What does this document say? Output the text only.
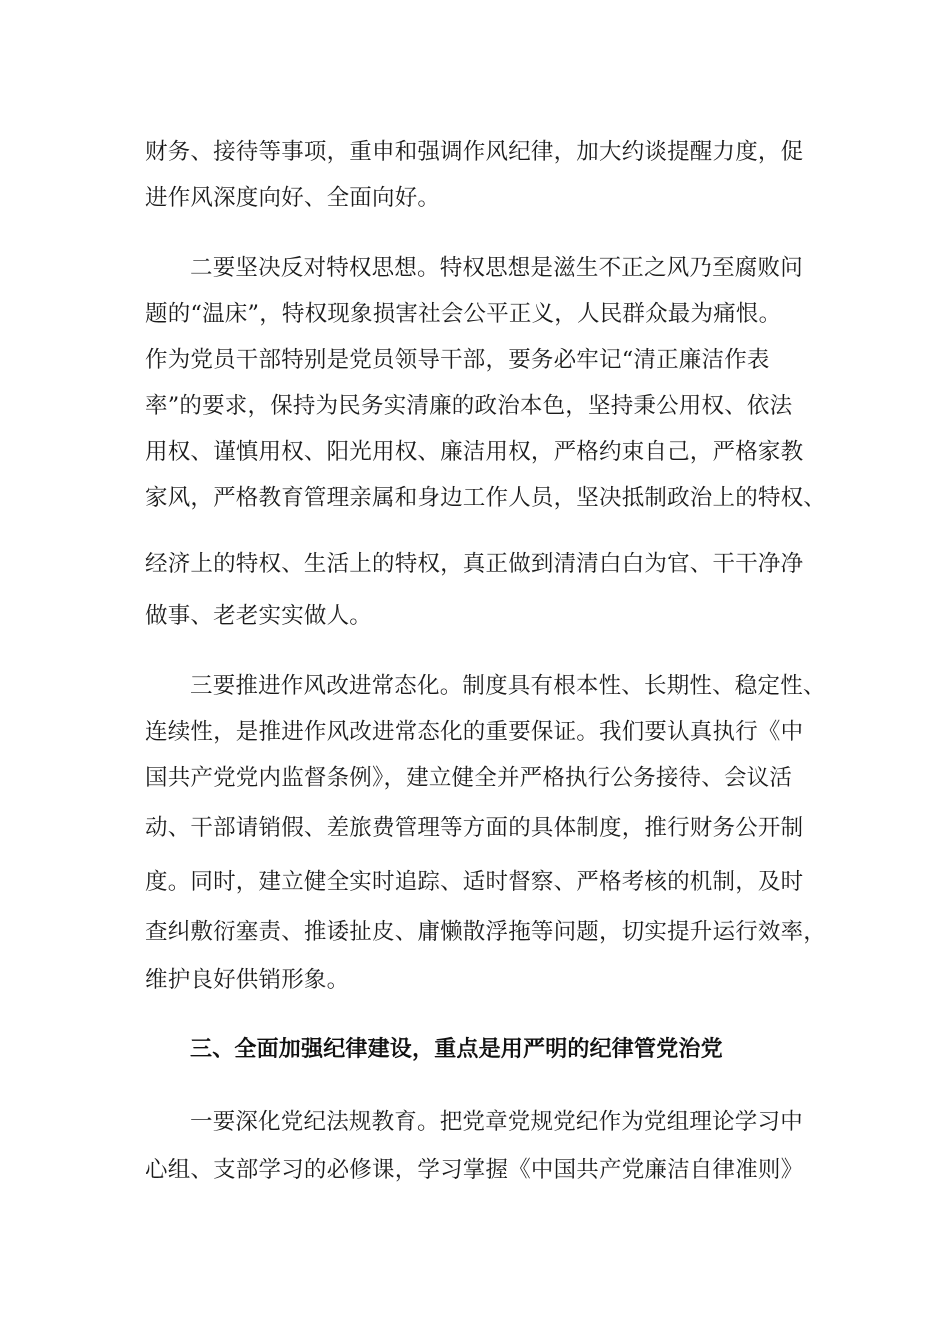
财务、接待等事项，重申和强调作风纪律，加大约谈提醒力度，促
进作风深度向好、全面向好。
二要坚决反对特权思想。特权思想是滋生不正之风乃至腐败问
题的“温床”，特权现象损害社会公平正义，人民群众最为痛恨。
作为党员干部特别是党员领导干部，要务必牢记“清正廉洁作表
率”的要求，保持为民务实清廉的政治本色，坚持秉公用权、依法
用权、谨慎用权、阳光用权、廉洁用权，严格约束自己，严格家教
家风，严格教育管理亲属和身边工作人员，坚决抵制政治上的特权、
经济上的特权、生活上的特权，真正做到清清白白为官、干干净净
做事、老老实实做人。
三要推进作风改进常态化。制度具有根本性、长期性、稳定性、
连续性，是推进作风改进常态化的重要保证。我们要认真执行《中
国共产党党内监督条例》，建立健全并严格执行公务接待、会议活
动、干部请销假、差旅费管理等方面的具体制度，推行财务公开制
度。同时，建立健全实时追踪、适时督察、严格考核的机制，及时
查纠敷衍塞责、推诿扯皮、庸懒散浮拖等问题，切实提升运行效率，
维护良好供销形象。
三、全面加强纪律建设，重点是用严明的纪律管党治党
一要深化党纪法规教育。把党章党规党纪作为党组理论学习中
心组、支部学习的必修课，学习掌握《中国共产党廉洁自律准则》
